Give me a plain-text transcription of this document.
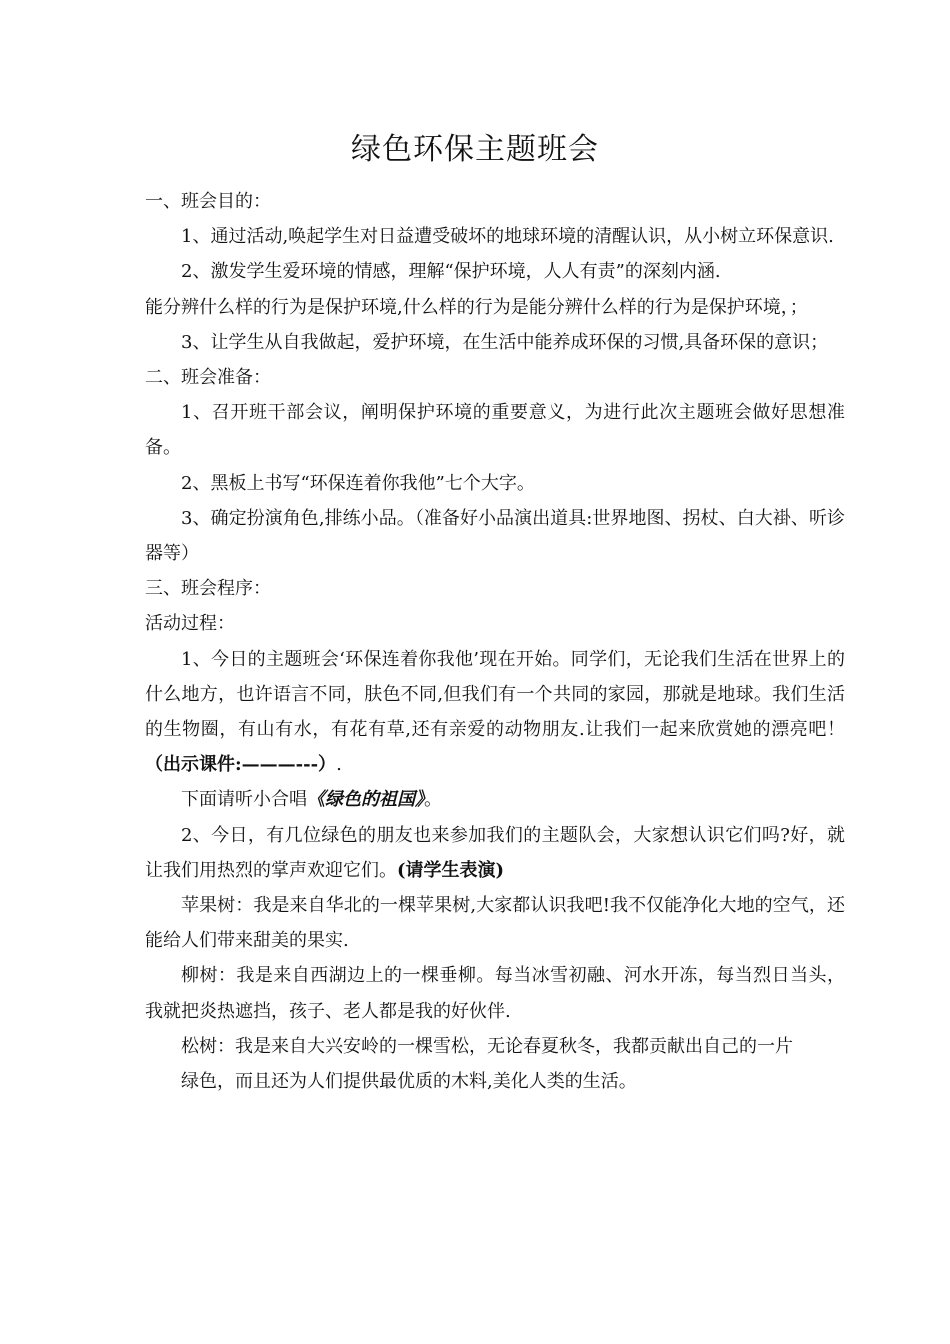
绿色环保主题班会

一、班会目的：

1、通过活动,唤起学生对日益遭受破坏的地球环境的清醒认识，从小树立环保意识.

2、激发学生爱环境的情感，理解“保护环境，人人有责”的深刻内涵.

能分辨什么样的行为是保护环境,什么样的行为是能分辨什么样的行为是保护环境，；

3、让学生从自我做起，爱护环境，在生活中能养成环保的习惯,具备环保的意识；

二、班会准备：

1、召开班干部会议，阐明保护环境的重要意义，为进行此次主题班会做好思想准备。

2、黑板上书写“环保连着你我他”七个大字。

3、确定扮演角色,排练小品。（准备好小品演出道具:世界地图、拐杖、白大褂、听诊器等）

三、班会程序：

活动过程：

1、今日的主题班会‘环保连着你我他’现在开始。同学们，无论我们生活在世界上的什么地方，也许语言不同，肤色不同,但我们有一个共同的家园，那就是地球。我们生活的生物圈，有山有水，有花有草,还有亲爱的动物朋友.让我们一起来欣赏她的漂亮吧！（出示课件:———---）.

下面请听小合唱《绿色的祖国》。

2、今日，有几位绿色的朋友也来参加我们的主题队会，大家想认识它们吗?好，就让我们用热烈的掌声欢迎它们。(请学生表演)

苹果树：我是来自华北的一棵苹果树,大家都认识我吧!我不仅能净化大地的空气，还能给人们带来甜美的果实.

柳树：我是来自西湖边上的一棵垂柳。每当冰雪初融、河水开冻，每当烈日当头，我就把炎热遮挡，孩子、老人都是我的好伙伴.

松树：我是来自大兴安岭的一棵雪松，无论春夏秋冬，我都贡献出自己的一片

绿色，而且还为人们提供最优质的木料,美化人类的生活。
